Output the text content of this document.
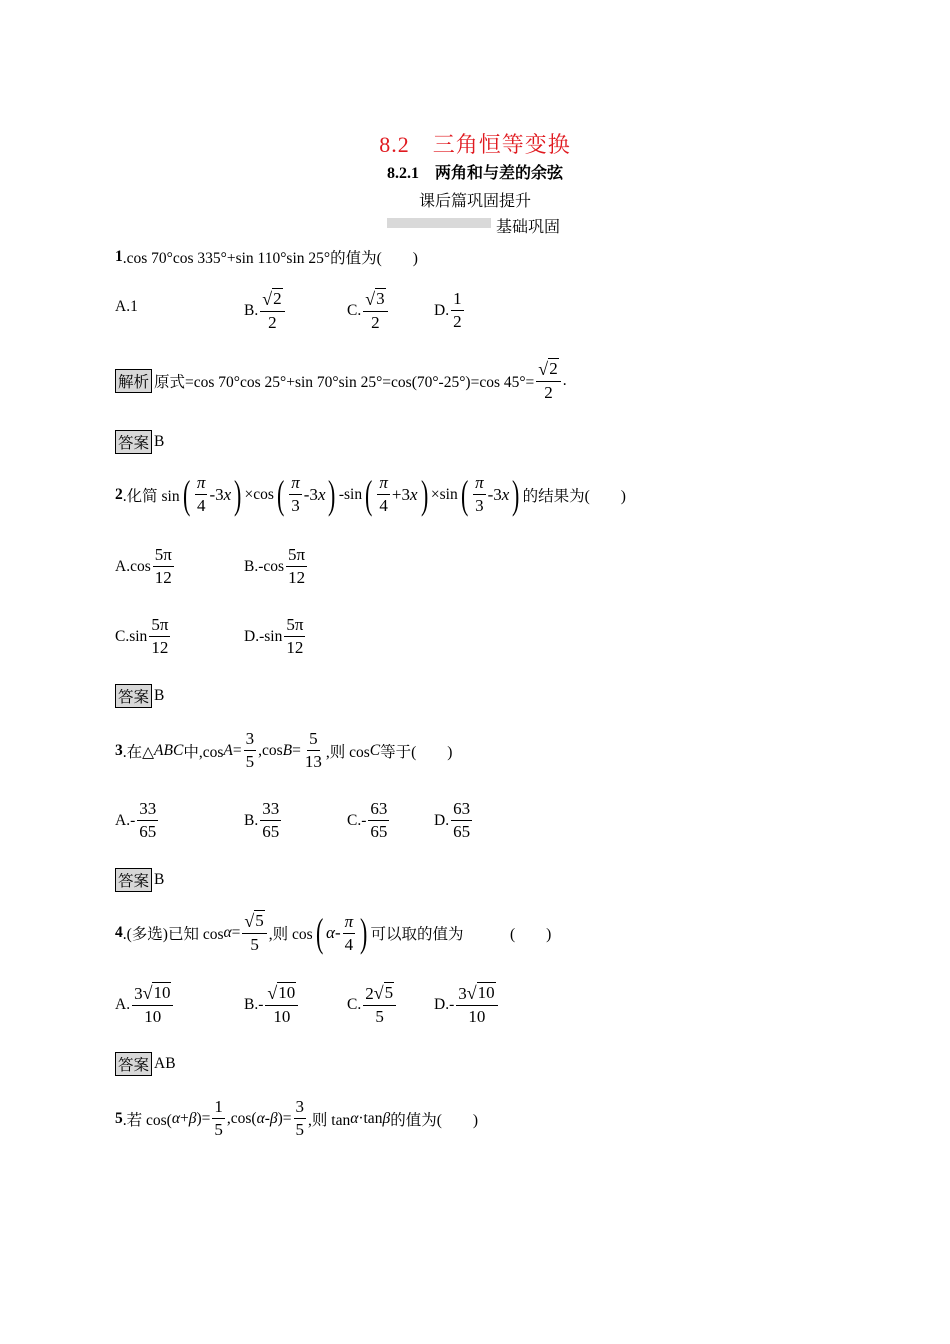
8.2　三角恒等变换
8.2.1　两角和与差的余弦
课后篇巩固提升
基础巩固
1 .cos 70°cos 335°+sin 110°sin 25°的值为(　　)
A.1	B. $\frac{√ 2}{2}$	C. $\frac{√ 3}{2}$	D. $\frac{1}{2}$
解析 原式=cos 70°cos 25°+sin 70°sin 25°=cos(70°-25°)=cos $45^\circ= \frac{√ 2}{2}$ .
答案 B
2 .化简 sin ( $\frac{\pi}{4} -3x$ ) ×cos ( $\frac{\pi}{3} -3x$ ) -sin ( $\frac{\pi}{4} +3x$ ) ×sin ( $\frac{\pi}{3} -3x$ ) 的结果为(　　)
$A.\cos \frac{5\pi}{12}$	$B.-\cos \frac{5\pi}{12}$
$C.\sin \frac{5\pi}{12}$	$D.-\sin \frac{5\pi}{12}$
答案 B
3 .在△ ABC 中,cos $A = \frac{3}{5} ,\cos$ $B = \frac{5}{13}$ ,则 cos C 等于(　　)
$A.- \frac{33}{65}$	B. $\frac{33}{65}$	$C.- \frac{63}{65}$	D. $\frac{63}{65}$
答案 B
4 .(多选)已知 $\cos \alpha = \frac{√ 5}{5}$ ,则 cos ( $\alpha- \frac{\pi}{4}$ ) 可以取的值为　　　(　　)
A. $\frac{3 √ 10}{10}$	$B.- \frac{√ 10}{10}$	C. $\frac{2 √ 5}{5} D.- \frac{3 √ 10}{10}$
答案 AB
5 .若 cos( α + β )= $\frac{1}{5} ,\cos$( α - β )= $\frac{3}{5}$ ,则 tan α ·tan β 的值为(　　)
